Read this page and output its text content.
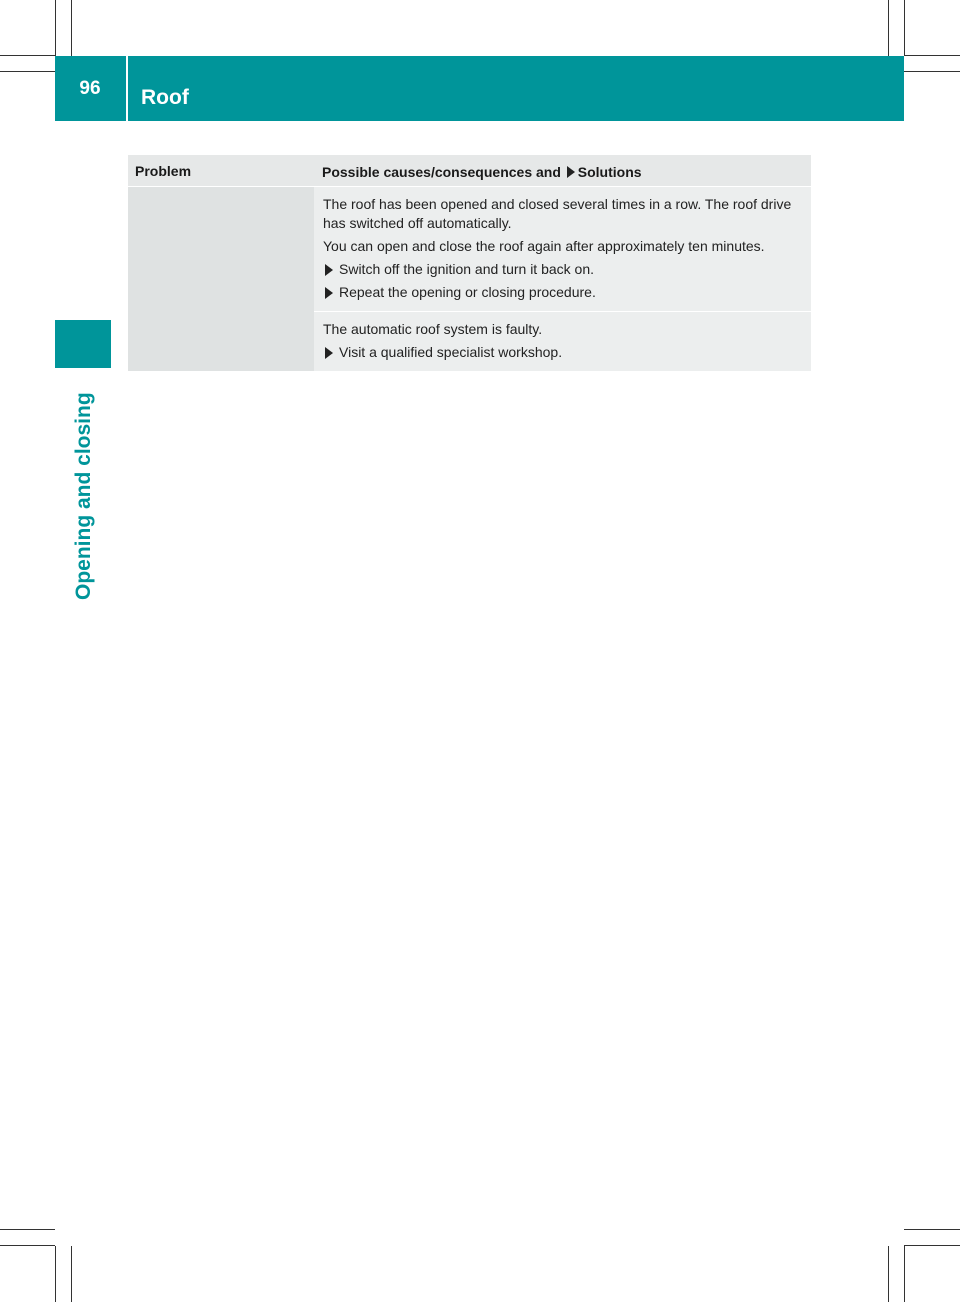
96	Roof
Opening and closing
Problem	Possible causes/consequences and Solutions

The roof has been opened and closed several times in a row. The roof drive has switched off automatically.

You can open and close the roof again after approximately ten minutes.

Switch off the ignition and turn it back on.

Repeat the opening or closing procedure.

The automatic roof system is faulty.

Visit a qualified specialist workshop.
